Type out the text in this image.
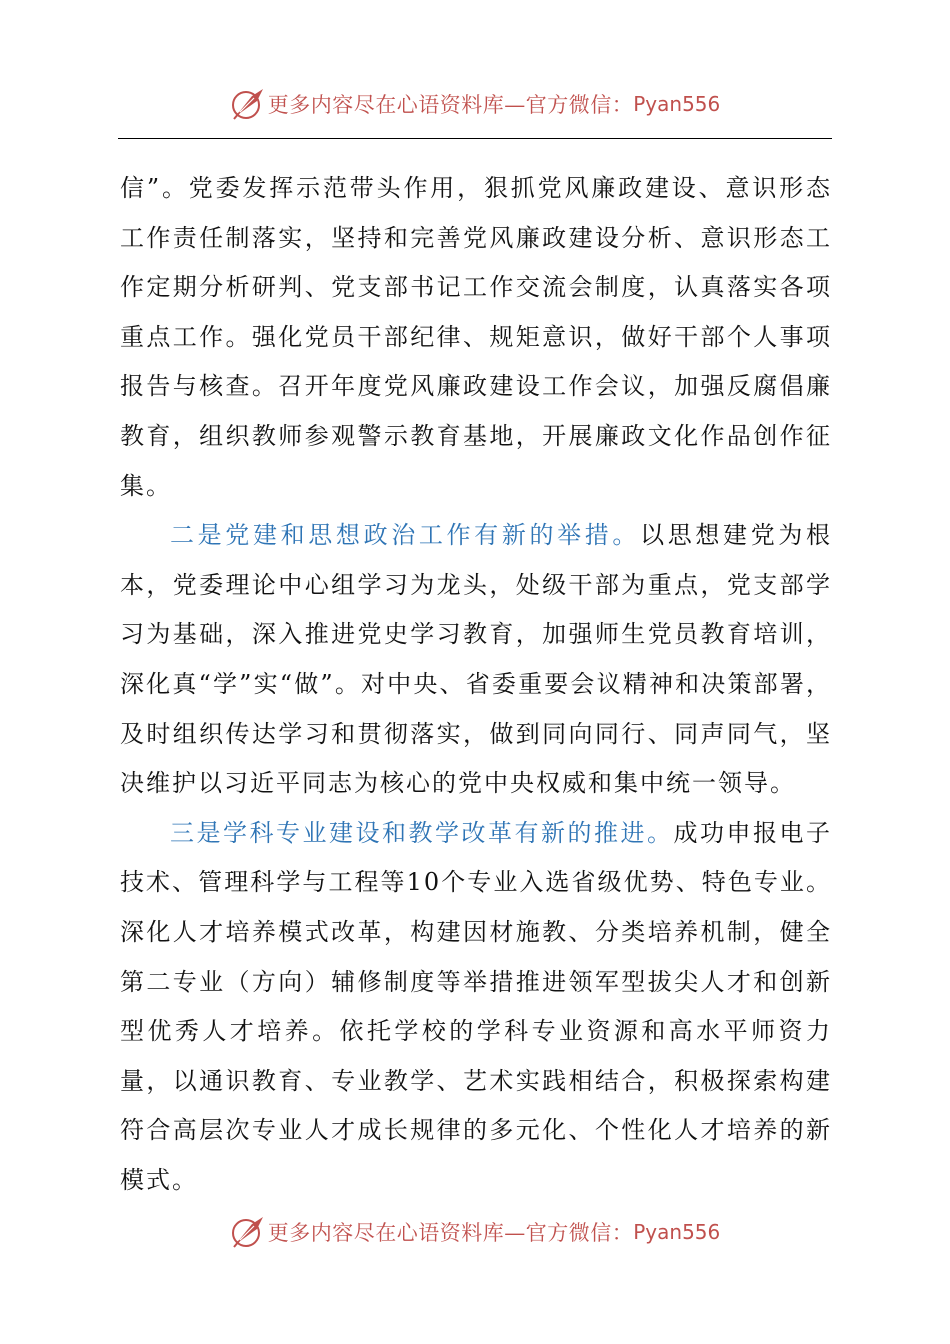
更多内容尽在心语资料库—官方微信： Pyan556

信”。党委发挥示范带头作用，狠抓党风廉政建设、意识形态工作责任制落实，坚持和完善党风廉政建设分析、意识形态工作定期分析研判、党支部书记工作交流会制度，认真落实各项重点工作。强化党员干部纪律、规矩意识，做好干部个人事项报告与核查。召开年度党风廉政建设工作会议，加强反腐倡廉教育，组织教师参观警示教育基地，开展廉政文化作品创作征集。

二是党建和思想政治工作有新的举措。以思想建党为根本，党委理论中心组学习为龙头，处级干部为重点，党支部学习为基础，深入推进党史学习教育，加强师生党员教育培训，深化真“学”实“做”。对中央、省委重要会议精神和决策部署，及时组织传达学习和贯彻落实，做到同向同行、同声同气，坚决维护以习近平同志为核心的党中央权威和集中统一领导。

三是学科专业建设和教学改革有新的推进。成功申报电子技术、管理科学与工程等10个专业入选省级优势、特色专业。深化人才培养模式改革，构建因材施教、分类培养机制，健全第二专业（方向）辅修制度等举措推进领军型拔尖人才和创新型优秀人才培养。依托学校的学科专业资源和高水平师资力量，以通识教育、专业教学、艺术实践相结合，积极探索构建符合高层次专业人才成长规律的多元化、个性化人才培养的新模式。

更多内容尽在心语资料库—官方微信： Pyan556
